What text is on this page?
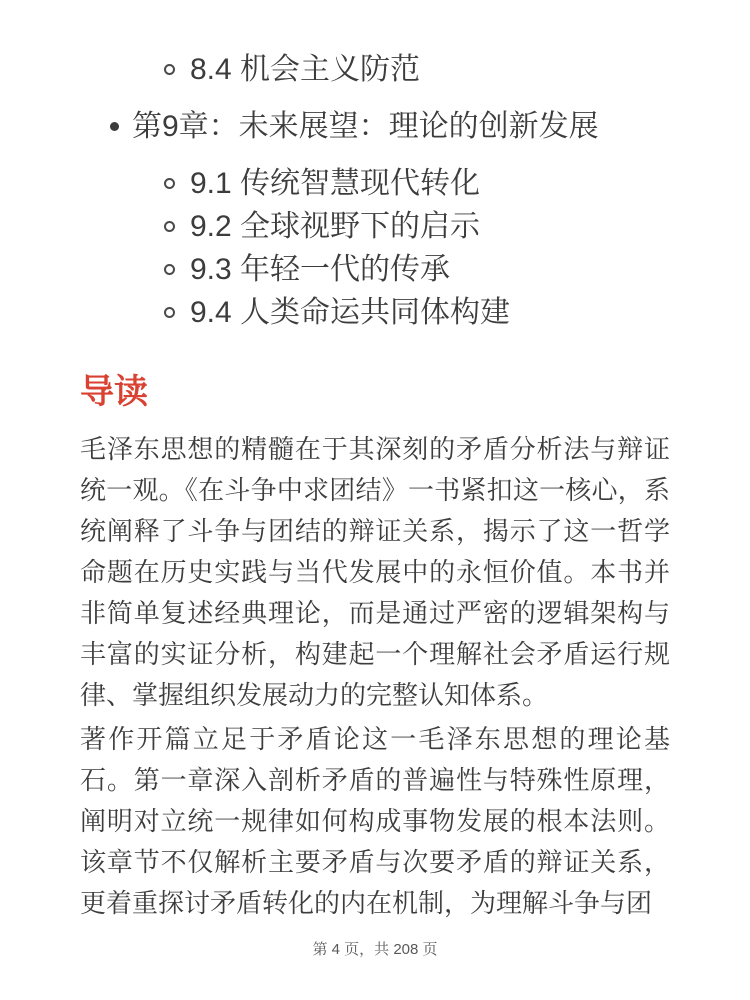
8.4 机会主义防范
第9章：未来展望：理论的创新发展
9.1 传统智慧现代转化
9.2 全球视野下的启示
9.3 年轻一代的传承
9.4 人类命运共同体构建
导读

毛泽东思想的精髓在于其深刻的矛盾分析法与辩证统一观。《在斗争中求团结》一书紧扣这一核心，系统阐释了斗争与团结的辩证关系，揭示了这一哲学命题在历史实践与当代发展中的永恒价值。本书并非简单复述经典理论，而是通过严密的逻辑架构与丰富的实证分析，构建起一个理解社会矛盾运行规律、掌握组织发展动力的完整认知体系。

著作开篇立足于矛盾论这一毛泽东思想的理论基石。第一章深入剖析矛盾的普遍性与特殊性原理，阐明对立统一规律如何构成事物发展的根本法则。该章节不仅解析主要矛盾与次要矛盾的辩证关系，更着重探讨矛盾转化的内在机制，为理解斗争与团

第 4 页，共 208 页
